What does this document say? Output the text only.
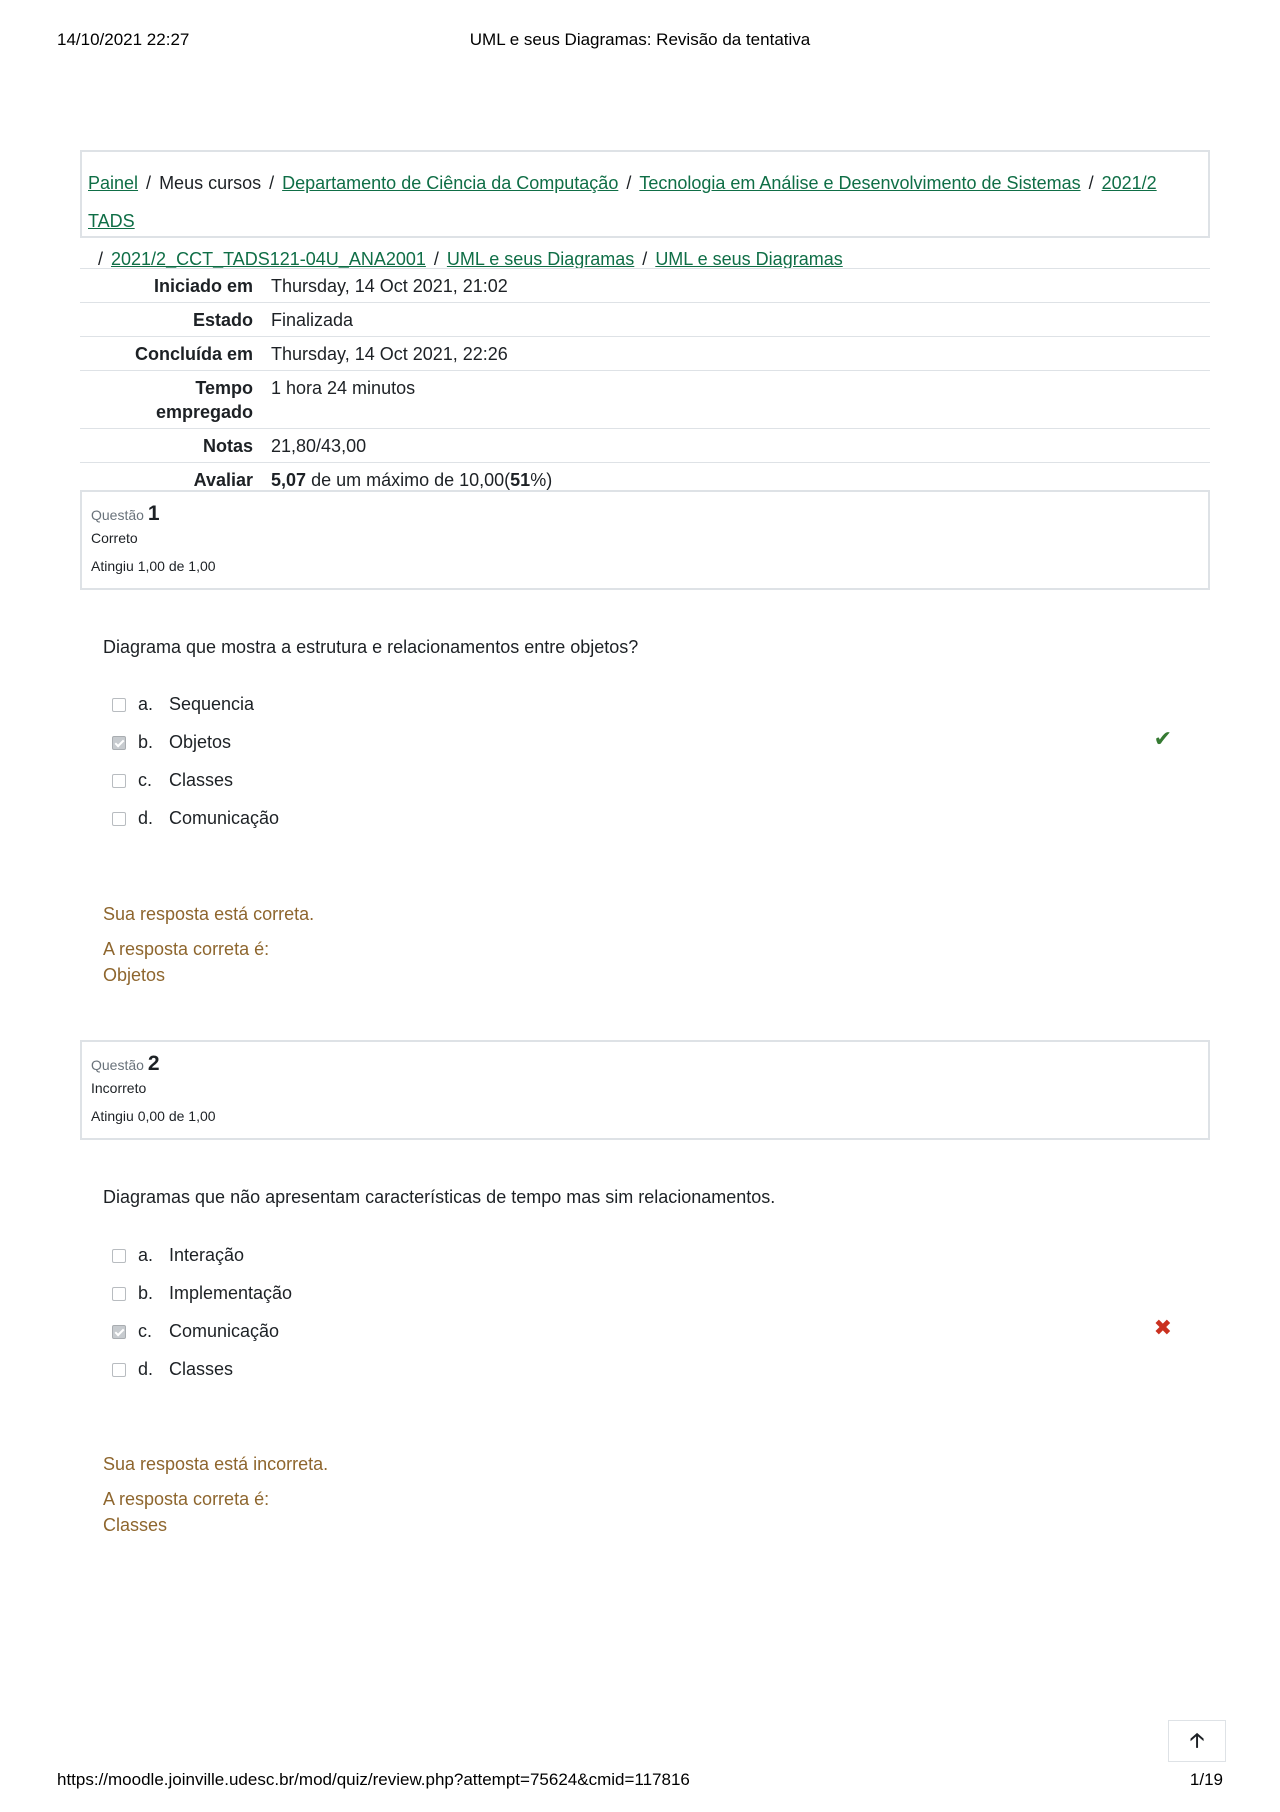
14/10/2021 22:27	UML e seus Diagramas: Revisão da tentativa
Painel / Meus cursos / Departamento de Ciência da Computação / Tecnologia em Análise e Desenvolvimento de Sistemas / 2021/2 TADS
/ 2021/2_CCT_TADS121-04U_ANA2001 / UML e seus Diagramas / UML e seus Diagramas
Iniciado em	Thursday, 14 Oct 2021, 21:02
Estado	Finalizada
Concluída em	Thursday, 14 Oct 2021, 22:26
Tempo
empregado	1 hora 24 minutos
Notas	21,80/43,00
Avaliar	5,07 de um máximo de 10,00(51%)
Questão 1
Correto
Atingiu 1,00 de 1,00
Diagrama que mostra a estrutura e relacionamentos entre objetos?
a. Sequencia
b. Objetos	✔
c. Classes
d. Comunicação
Sua resposta está correta.
A resposta correta é:
Objetos
Questão 2
Incorreto
Atingiu 0,00 de 1,00
Diagramas que não apresentam características de tempo mas sim relacionamentos.
a. Interação
b. Implementação
c. Comunicação	✖
d. Classes
Sua resposta está incorreta.
A resposta correta é:
Classes
🡡
https://moodle.joinville.udesc.br/mod/quiz/review.php?attempt=75624&cmid=117816	1/19
